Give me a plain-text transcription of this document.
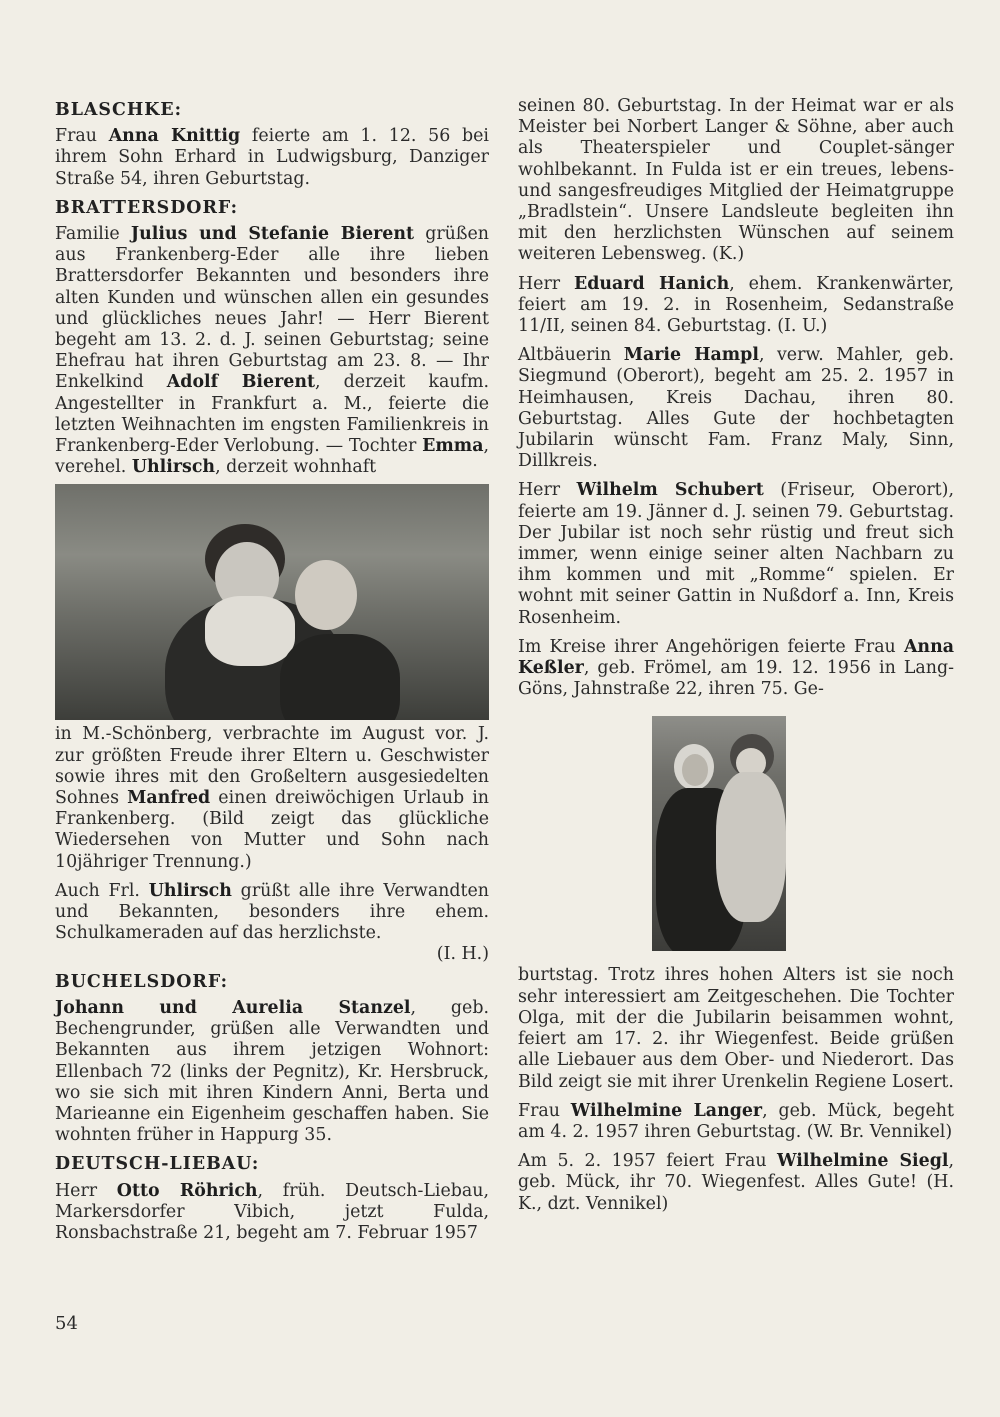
BLASCHKE:
Frau Anna Knittig feierte am 1. 12. 56 bei ihrem Sohn Erhard in Ludwigsburg, Danziger Straße 54, ihren Geburtstag.
BRATTERSDORF:
Familie Julius und Stefanie Bierent grüßen aus Frankenberg-Eder alle ihre lieben Brattersdorfer Bekannten und besonders ihre alten Kunden und wünschen allen ein gesundes und glückliches neues Jahr! — Herr Bierent begeht am 13. 2. d. J. seinen Geburtstag; seine Ehefrau hat ihren Geburtstag am 23. 8. — Ihr Enkelkind Adolf Bierent, derzeit kaufm. Angestellter in Frankfurt a. M., feierte die letzten Weihnachten im engsten Familienkreis in Frankenberg-Eder Verlobung. — Tochter Emma, verehel. Uhlirsch, derzeit wohnhaft
in M.-Schönberg, verbrachte im August vor. J. zur größten Freude ihrer Eltern u. Geschwister sowie ihres mit den Großeltern ausgesiedelten Sohnes Manfred einen dreiwöchigen Urlaub in Frankenberg. (Bild zeigt das glückliche Wiedersehen von Mutter und Sohn nach 10jähriger Trennung.)
Auch Frl. Uhlirsch grüßt alle ihre Verwandten und Bekannten, besonders ihre ehem. Schulkameraden auf das herzlichste.
(I. H.)
BUCHELSDORF:
Johann und Aurelia Stanzel, geb. Bechengrunder, grüßen alle Verwandten und Bekannten aus ihrem jetzigen Wohnort: Ellenbach 72 (links der Pegnitz), Kr. Hersbruck, wo sie sich mit ihren Kindern Anni, Berta und Marieanne ein Eigenheim geschaffen haben. Sie wohnten früher in Happurg 35.
DEUTSCH-LIEBAU:
Herr Otto Röhrich, früh. Deutsch-Liebau, Markersdorfer Vibich, jetzt Fulda, Ronsbachstraße 21, begeht am 7. Februar 1957
seinen 80. Geburtstag. In der Heimat war er als Meister bei Norbert Langer & Söhne, aber auch als Theaterspieler und Couplet-sänger wohlbekannt. In Fulda ist er ein treues, lebens- und sangesfreudiges Mitglied der Heimatgruppe „Bradlstein“. Unsere Landsleute begleiten ihn mit den herzlichsten Wünschen auf seinem weiteren Lebensweg. (K.)
Herr Eduard Hanich, ehem. Krankenwärter, feiert am 19. 2. in Rosenheim, Sedanstraße 11/II, seinen 84. Geburtstag. (I. U.)
Altbäuerin Marie Hampl, verw. Mahler, geb. Siegmund (Oberort), begeht am 25. 2. 1957 in Heimhausen, Kreis Dachau, ihren 80. Geburtstag. Alles Gute der hochbetagten Jubilarin wünscht Fam. Franz Maly, Sinn, Dillkreis.
Herr Wilhelm Schubert (Friseur, Oberort), feierte am 19. Jänner d. J. seinen 79. Geburtstag. Der Jubilar ist noch sehr rüstig und freut sich immer, wenn einige seiner alten Nachbarn zu ihm kommen und mit „Romme“ spielen. Er wohnt mit seiner Gattin in Nußdorf a. Inn, Kreis Rosenheim.
Im Kreise ihrer Angehörigen feierte Frau Anna Keßler, geb. Frömel, am 19. 12. 1956 in Lang-Göns, Jahnstraße 22, ihren 75. Ge-
burtstag. Trotz ihres hohen Alters ist sie noch sehr interessiert am Zeitgeschehen. Die Tochter Olga, mit der die Jubilarin beisammen wohnt, feiert am 17. 2. ihr Wiegenfest. Beide grüßen alle Liebauer aus dem Ober- und Niederort. Das Bild zeigt sie mit ihrer Urenkelin Regiene Losert.
Frau Wilhelmine Langer, geb. Mück, begeht am 4. 2. 1957 ihren Geburtstag. (W. Br. Vennikel)
Am 5. 2. 1957 feiert Frau Wilhelmine Siegl, geb. Mück, ihr 70. Wiegenfest. Alles Gute! (H. K., dzt. Vennikel)
54
